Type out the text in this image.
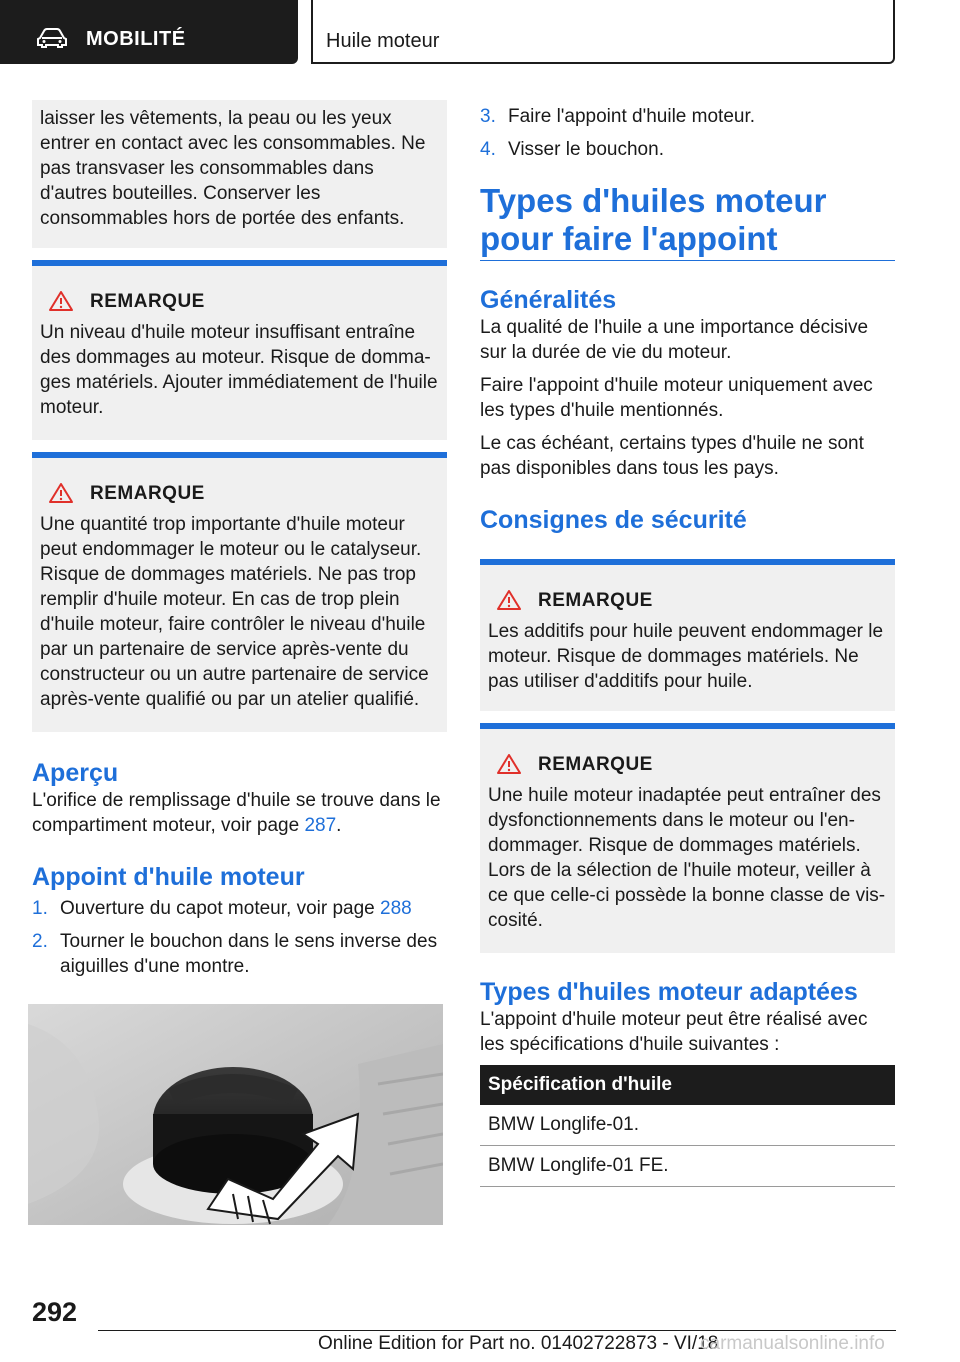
MOBILITÉ	Huile moteur
laisser les vêtements, la peau ou les yeux entrer en contact avec les consommables. Ne pas transvaser les consommables dans d'autres bouteilles. Conserver les consommables hors de portée des enfants.
REMARQUE
Un niveau d'huile moteur insuffisant entraîne des dommages au moteur. Risque de domma‐ges matériels. Ajouter immédiatement de l'huile moteur.
REMARQUE
Une quantité trop importante d'huile moteur peut endommager le moteur ou le catalyseur. Risque de dommages matériels. Ne pas trop remplir d'huile moteur. En cas de trop plein d'huile moteur, faire contrôler le niveau d'huile par un partenaire de service après-vente du constructeur ou un autre partenaire de service après-vente qualifié ou par un atelier qualifié.
Aperçu
L'orifice de remplissage d'huile se trouve dans le compartiment moteur, voir page 287.
Appoint d'huile moteur
1. Ouverture du capot moteur, voir page 288
2. Tourner le bouchon dans le sens inverse des aiguilles d'une montre.
3. Faire l'appoint d'huile moteur.
4. Visser le bouchon.
Types d'huiles moteur pour faire l'appoint
Généralités
La qualité de l'huile a une importance décisive sur la durée de vie du moteur.
Faire l'appoint d'huile moteur uniquement avec les types d'huile mentionnés.
Le cas échéant, certains types d'huile ne sont pas disponibles dans tous les pays.
Consignes de sécurité
REMARQUE
Les additifs pour huile peuvent endommager le moteur. Risque de dommages matériels. Ne pas utiliser d'additifs pour huile.
REMARQUE
Une huile moteur inadaptée peut entraîner des dysfonctionnements dans le moteur ou l'en‐dommager. Risque de dommages matériels. Lors de la sélection de l'huile moteur, veiller à ce que celle-ci possède la bonne classe de vis‐cosité.
Types d'huiles moteur adaptées
L'appoint d'huile moteur peut être réalisé avec les spécifications d'huile suivantes :
Spécification d'huile
BMW Longlife-01.
BMW Longlife-01 FE.
292
Online Edition for Part no. 01402722873 - VI/18
carmanualsonline.info
